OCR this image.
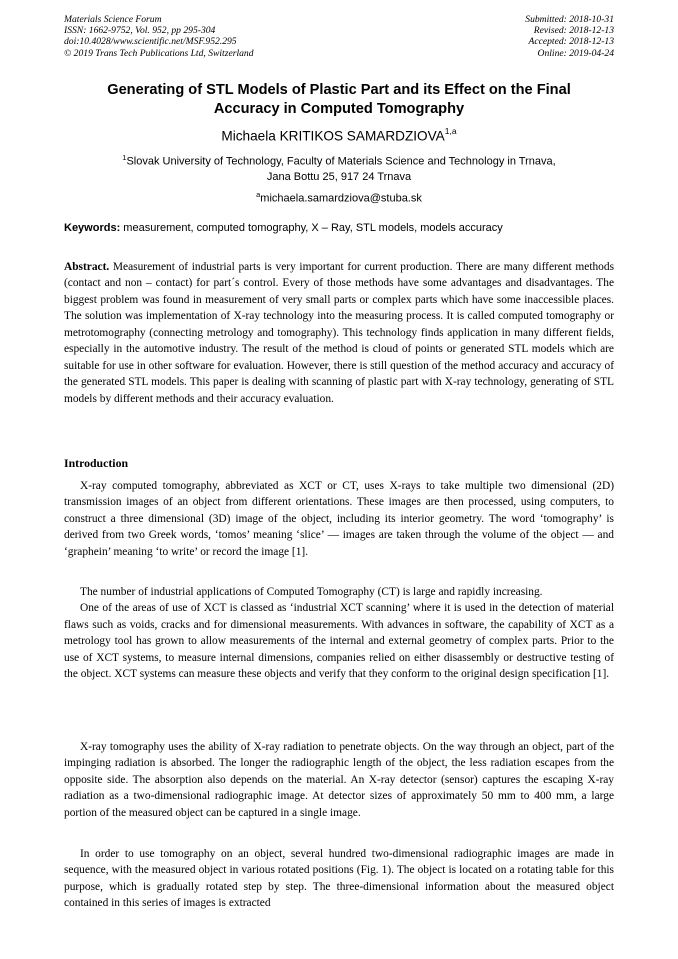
Materials Science Forum
ISSN: 1662-9752, Vol. 952, pp 295-304
doi:10.4028/www.scientific.net/MSF.952.295
© 2019 Trans Tech Publications Ltd, Switzerland
Submitted: 2018-10-31
Revised: 2018-12-13
Accepted: 2018-12-13
Online: 2019-04-24
Generating of STL Models of Plastic Part and its Effect on the Final
Accuracy in Computed Tomography
Michaela KRITIKOS SAMARDZIOVA$^{1,a}$
$^1$Slovak University of Technology, Faculty of Materials Science and Technology in Trnava,
Jana Bottu 25, 917 24 Trnava
$^a$michaela.samardziova@stuba.sk
Keywords: measurement, computed tomography, X – Ray, STL models, models accuracy

Abstract. Measurement of industrial parts is very important for current production. There are many different methods (contact and non – contact) for part´s control. Every of those methods have some advantages and disadvantages. The biggest problem was found in measurement of very small parts or complex parts which have some inaccessible places. The solution was implementation of X-ray technology into the measuring process. It is called computed tomography or metrotomography (connecting metrology and tomography). This technology finds application in many different fields, especially in the automotive industry. The result of the method is cloud of points or generated STL models which are suitable for use in other software for evaluation. However, there is still question of the method accuracy and accuracy of the generated STL models. This paper is dealing with scanning of plastic part with X-ray technology, generating of STL models by different methods and their accuracy evaluation.

Introduction

X-ray computed tomography, abbreviated as XCT or CT, uses X-rays to take multiple two dimensional (2D) transmission images of an object from different orientations. These images are then processed, using computers, to construct a three dimensional (3D) image of the object, including its interior geometry. The word ‘tomography’ is derived from two Greek words, ‘tomos’ meaning ‘slice’ — images are taken through the volume of the object — and ‘graphein’ meaning ‘to write’ or record the image [1].

The number of industrial applications of Computed Tomography (CT) is large and rapidly increasing.

One of the areas of use of XCT is classed as ‘industrial XCT scanning’ where it is used in the detection of material flaws such as voids, cracks and for dimensional measurements. With advances in software, the capability of XCT as a metrology tool has grown to allow measurements of the internal and external geometry of complex parts. Prior to the use of XCT systems, to measure internal dimensions, companies relied on either disassembly or destructive testing of the object. XCT systems can measure these objects and verify that they conform to the original design specification [1].

X-ray tomography uses the ability of X-ray radiation to penetrate objects. On the way through an object, part of the impinging radiation is absorbed. The longer the radiographic length of the object, the less radiation escapes from the opposite side. The absorption also depends on the material. An X-ray detector (sensor) captures the escaping X-ray radiation as a two-dimensional radiographic image. At detector sizes of approximately 50 mm to 400 mm, a large portion of the measured object can be captured in a single image.

In order to use tomography on an object, several hundred two-dimensional radiographic images are made in sequence, with the measured object in various rotated positions (Fig. 1). The object is located on a rotating table for this purpose, which is gradually rotated step by step. The three-dimensional information about the measured object contained in this series of images is extracted
